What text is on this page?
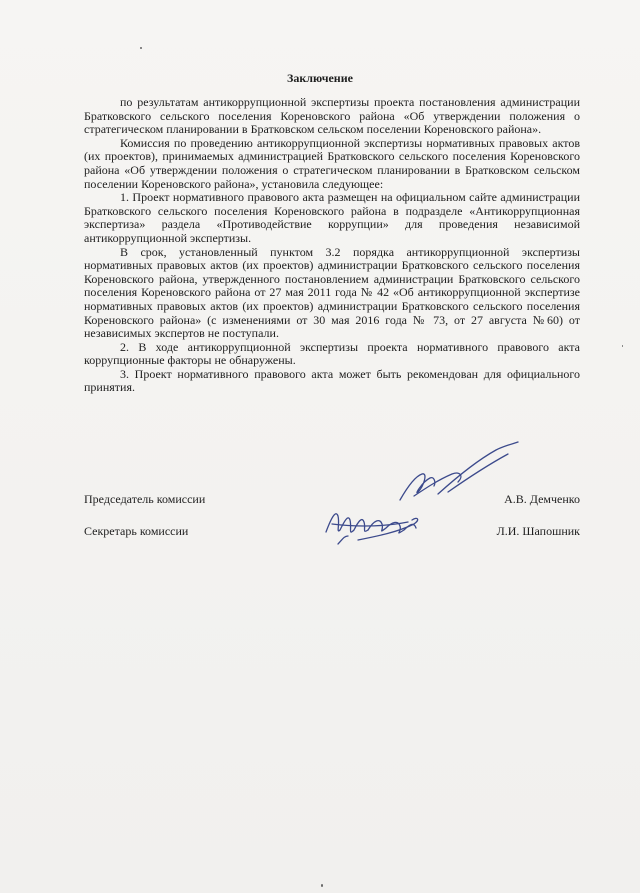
Заключение

по результатам антикоррупционной экспертизы проекта постановления администрации Братковского сельского поселения Кореновского района «Об утверждении положения о стратегическом планировании в Братковском сельском поселении Кореновского района».

Комиссия по проведению антикоррупционной экспертизы нормативных правовых актов (их проектов), принимаемых администрацией Братковского сельского поселения Кореновского района «Об утверждении положения о стратегическом планировании в Братковском сельском поселении Кореновского района», установила следующее:

1. Проект нормативного правового акта размещен на официальном сайте администрации Братковского сельского поселения Кореновского района в подразделе «Антикоррупционная экспертиза» раздела «Противодействие коррупции» для проведения независимой антикоррупционной экспертизы.

В срок, установленный пунктом 3.2 порядка антикоррупционной экспертизы нормативных правовых актов (их проектов) администрации Братковского сельского поселения Кореновского района, утвержденного постановлением администрации Братковского сельского поселения Кореновского района от 27 мая 2011 года № 42 «Об антикоррупционной экспертизе нормативных правовых актов (их проектов) администрации Братковского сельского поселения Кореновского района» (с изменениями от 30 мая 2016 года № 73, от 27 августа №60) от независимых экспертов не поступали.

2. В ходе антикоррупционной экспертизы проекта нормативного правового акта коррупционные факторы не обнаружены.

3. Проект нормативного правового акта может быть рекомендован для официального принятия.

Председатель комиссии	А.В. Демченко
Секретарь комиссии	Л.И. Шапошник
